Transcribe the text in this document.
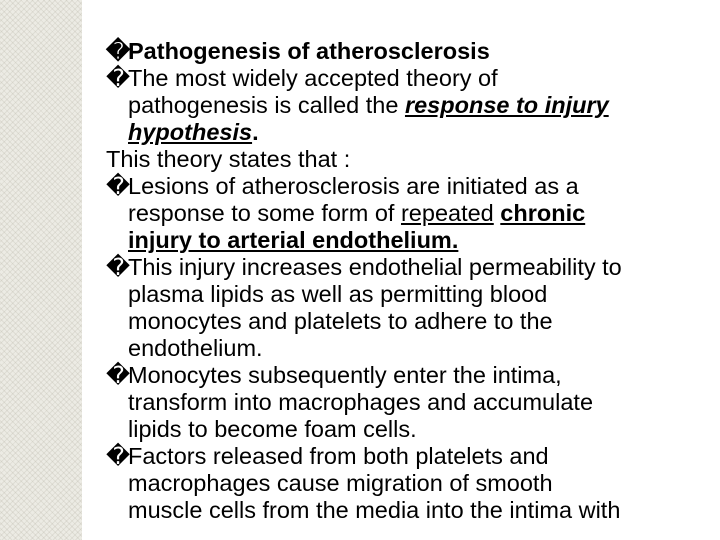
�Pathogenesis of atherosclerosis
�The most widely accepted theory of
pathogenesis is called the response to injury
hypothesis.
This theory states that :
�Lesions of atherosclerosis are initiated as a
response to some form of repeated chronic
injury to arterial endothelium.
�This injury increases endothelial permeability to
plasma lipids as well as permitting blood
monocytes and platelets to adhere to the
endothelium.
�Monocytes subsequently enter the intima,
transform into macrophages and accumulate
lipids to become foam cells.
�Factors released from both platelets and
macrophages cause migration of smooth
muscle cells from the media into the intima with
